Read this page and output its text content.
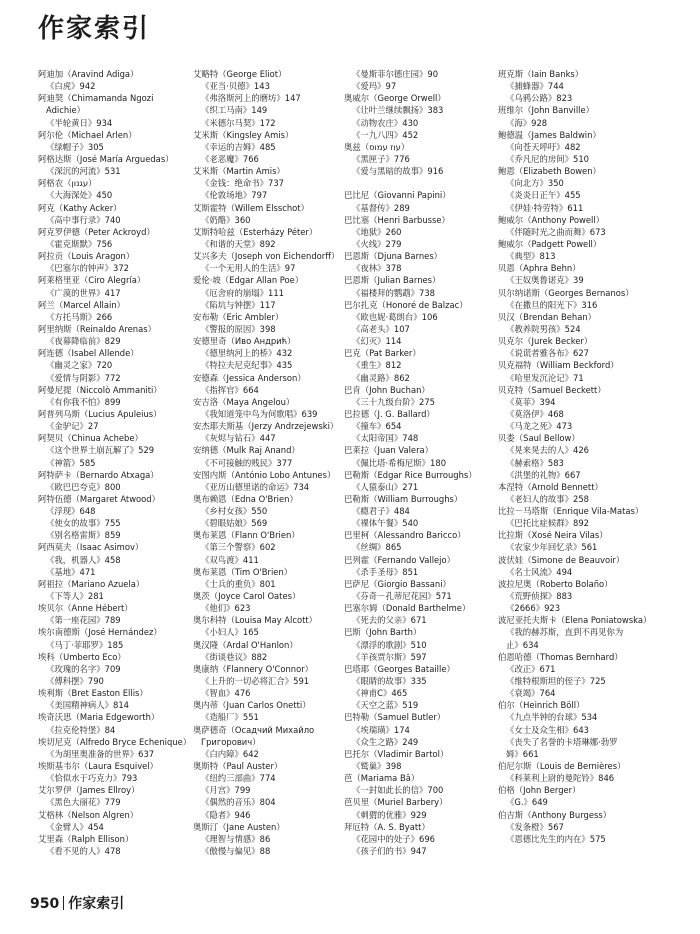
作家索引
阿迪加（Aravind Adiga）
《白虎》942
阿迪契（Chimamanda Ngozi
Adichie）
《半轮黄日》934
阿尔伦（Michael Arlen）
《绿帽子》305
阿格达斯（José María Arguedas）
《深沉的河流》531
阿格农（עגנון）
《大海深处》450
阿克（Kathy Acker）
《高中事行录》740
阿克罗伊德（Peter Ackroyd）
《霍克斯默》756
阿拉贡（Louis Aragon）
《巴塞尔的钟声》372
阿莱格里亚（Ciro Alegría）
《广漠的世界》417
阿兰（Marcel Allain）
《方托马斯》266
阿里纳斯（Reinaldo Arenas）
《夜幕降临前》829
阿连德（Isabel Allende）
《幽灵之家》720
《爱情与阴影》772
阿曼尼提（Niccolò Ammaniti）
《有你我不怕》899
阿普列乌斯（Lucius Apuleius）
《金驴记》27
阿契贝（Chinua Achebe）
《这个世界土崩瓦解了》529
《神箭》585
阿特萨卡（Bernardo Atxaga）
《欧巴巴夸克》800
阿特伍德（Margaret Atwood）
《浮现》648
《使女的故事》755
《别名格雷斯》859
阿西莫夫（Isaac Asimov）
《我，机器人》458
《基地》471
阿祖拉（Mariano Azuela）
《下等人》281
埃贝尔（Anne Hébert）
《第一座花园》789
埃尔南德斯（José Hernández）
《马丁·菲耶罗》185
埃科（Umberto Eco）
《玫瑰的名字》709
《傅科摆》790
埃利斯（Bret Easton Ellis）
《美国精神病人》814
埃奇沃思（Maria Edgeworth）
《拉克伦特堡》84
埃切尼克（Alfredo Bryce Echenique）
《为胡里奥准备的世界》637
埃斯基韦尔（Laura Esquivel）
《恰似水于巧克力》793
艾尔罗伊（James Ellroy）
《黑色大丽花》779
艾格林（Nelson Algren）
《金臂人》454
艾里森（Ralph Ellison）
《看不见的人》478
艾略特（George Eliot）
《亚当·贝德》143
《弗洛斯河上的磨坊》147
《织工马南》149
《米德尔马契》172
艾米斯（Kingsley Amis）
《幸运的吉姆》485
《老恶魔》766
艾米斯（Martin Amis）
《金钱：绝命书》737
《伦敦场地》797
艾斯霍特（Willem Elsschot）
《奶酪》360
艾斯特哈兹（Esterházy Péter）
《和谐的天堂》892
艾兴多夫（Joseph von Eichendorff）
《一个无用人的生活》97
爱伦·坡（Edgar Allan Poe）
《厄舍府的崩塌》111
《陷坑与钟摆》117
安布勒（Eric Ambler）
《警报的原因》398
安德里奇（Иво Андрић）
《德里纳河上的桥》432
《特拉夫尼克纪事》435
安德森（Jessica Anderson）
《指挥官》664
安吉洛（Maya Angelou）
《我知道笼中鸟为何歌唱》639
安杰耶夫斯基（Jerzy Andrzejewski）
《灰烬与钻石》447
安纳德（Mulk Raj Anand）
《不可接触的贱民》377
安图内斯（António Lobo Antunes）
《亚历山德里诺的命运》734
奥布赖恩（Edna O'Brien）
《乡村女孩》550
《碧眼姑娘》569
奥布莱恩（Flann O'Brien）
《第三个警察》602
《双鸟渡》411
奥布莱恩（Tim O'Brien）
《士兵的重负》801
奥茨（Joyce Carol Oates）
《他们》623
奥尔科特（Louisa May Alcott）
《小妇人》165
奥汉隆（Ardal O'Hanlon）
《街谈巷议》882
奥康纳（Flannery O'Connor）
《上升的一切必将汇合》591
《智血》476
奥内蒂（Juan Carlos Onetti）
《造船厂》551
奥萨德奇（Осадчий Михайло
Григорович）
《白内障》642
奥斯特（Paul Auster）
《纽约三部曲》774
《月宫》799
《偶然的音乐》804
《隐者》946
奥斯汀（Jane Austen）
《理智与情感》86
《傲慢与偏见》88
《曼斯菲尔德庄园》90
《爱玛》97
奥威尔（George Orwell）
《让叶兰继续飘扬》383
《动物农庄》430
《一九八四》452
奥兹（עוז עמוס）
《黑匣子》776
《爱与黑暗的故事》916
巴比尼（Giovanni Papini）
《基督传》289
巴比塞（Henri Barbusse）
《地狱》260
《火线》279
巴恩斯（Djuna Barnes）
《夜林》378
巴恩斯（Julian Barnes）
《福楼拜的鹦鹉》738
巴尔扎克（Honoré de Balzac）
《欧也妮·葛朗台》106
《高老头》107
《幻灭》114
巴克（Pat Barker）
《重生》812
《幽灵路》862
巴肯（John Buchan）
《三十九级台阶》275
巴拉德（J. G. Ballard）
《撞车》654
《太阳帝国》748
巴莱拉（Juan Valera）
《佩比塔·希梅尼斯》180
巴勒斯（Edgar Rice Burroughs）
《人猿泰山》271
巴勒斯（William Burroughs）
《瘾君子》484
《裸体午餐》540
巴里柯（Alessandro Baricco）
《丝绸》865
巴列霍（Fernando Vallejo）
《杀手圣母》851
巴萨尼（Giorgio Bassani）
《芬奇－孔蒂尼花园》571
巴塞尔姆（Donald Barthelme）
《死去的父亲》671
巴斯（John Barth）
《漂浮的歌剧》510
《羊孩贾尔斯》597
巴塔耶（Georges Bataille）
《眼睛的故事》335
《神甫C》465
《天空之蓝》519
巴特勒（Samuel Butler）
《埃瑞璜》174
《众生之路》249
巴托尔（Vladimir Bartol）
《鹫巢》398
芭（Mariama Bâ）
《一封如此长的信》700
芭贝里（Muriel Barbery）
《刺猬的优雅》929
拜厄特（A. S. Byatt）
《花园中的处子》696
《孩子们的书》947
班克斯（Iain Banks）
《捕蜂器》744
《乌鸦公路》823
班维尔（John Banville）
《海》928
鲍德温（James Baldwin）
《向苍天呼吁》482
《乔凡尼的房间》510
鲍恩（Elizabeth Bowen）
《向北方》350
《炎炎日正午》455
《伊娃·特劳特》611
鲍威尔（Anthony Powell）
《伴随时光之曲而舞》673
鲍威尔（Padgett Powell）
《典型》813
贝恩（Aphra Behn）
《王奴奥鲁诺克》39
贝尔纳诺斯（Georges Bernanos）
《在撒旦的阳光下》316
贝汉（Brendan Behan）
《教养院男孩》524
贝克尔（Jurek Becker）
《说谎者雅各布》627
贝克福特（William Beckford）
《哈里发沉沦记》71
贝克特（Samuel Beckett）
《莫菲》394
《莫洛伊》468
《马龙之死》473
贝娄（Saul Bellow）
《晃来晃去的人》426
《赫索格》583
《洪堡的礼物》667
本涅特（Arnold Bennett）
《老妇人的故事》258
比拉－马塔斯（Enrique Vila-Matas）
《巴托比症候群》892
比拉斯（Xosé Neira Vilas）
《农家少年回忆录》561
波伏娃（Simone de Beauvoir）
《名士风流》494
波拉尼奥（Roberto Bolaño）
《荒野侦探》883
《2666》923
波尼亚托夫斯卡（Elena Poniatowska）
《我的赫苏斯，直到不再见你为
止》634
伯恩哈德（Thomas Bernhard）
《改正》671
《维特根斯坦的侄子》725
《衰竭》764
伯尔（Heinrich Böll）
《九点半钟的台球》534
《女士及众生相》643
《丧失了名誉的卡塔琳娜·勃罗
姆》661
伯尼尔斯（Louis de Bernières）
《科莱利上尉的曼陀铃》846
伯格（John Berger）
《G.》649
伯吉斯（Anthony Burgess）
《发条橙》567
《恩德比先生的内在》575
950 作家索引
